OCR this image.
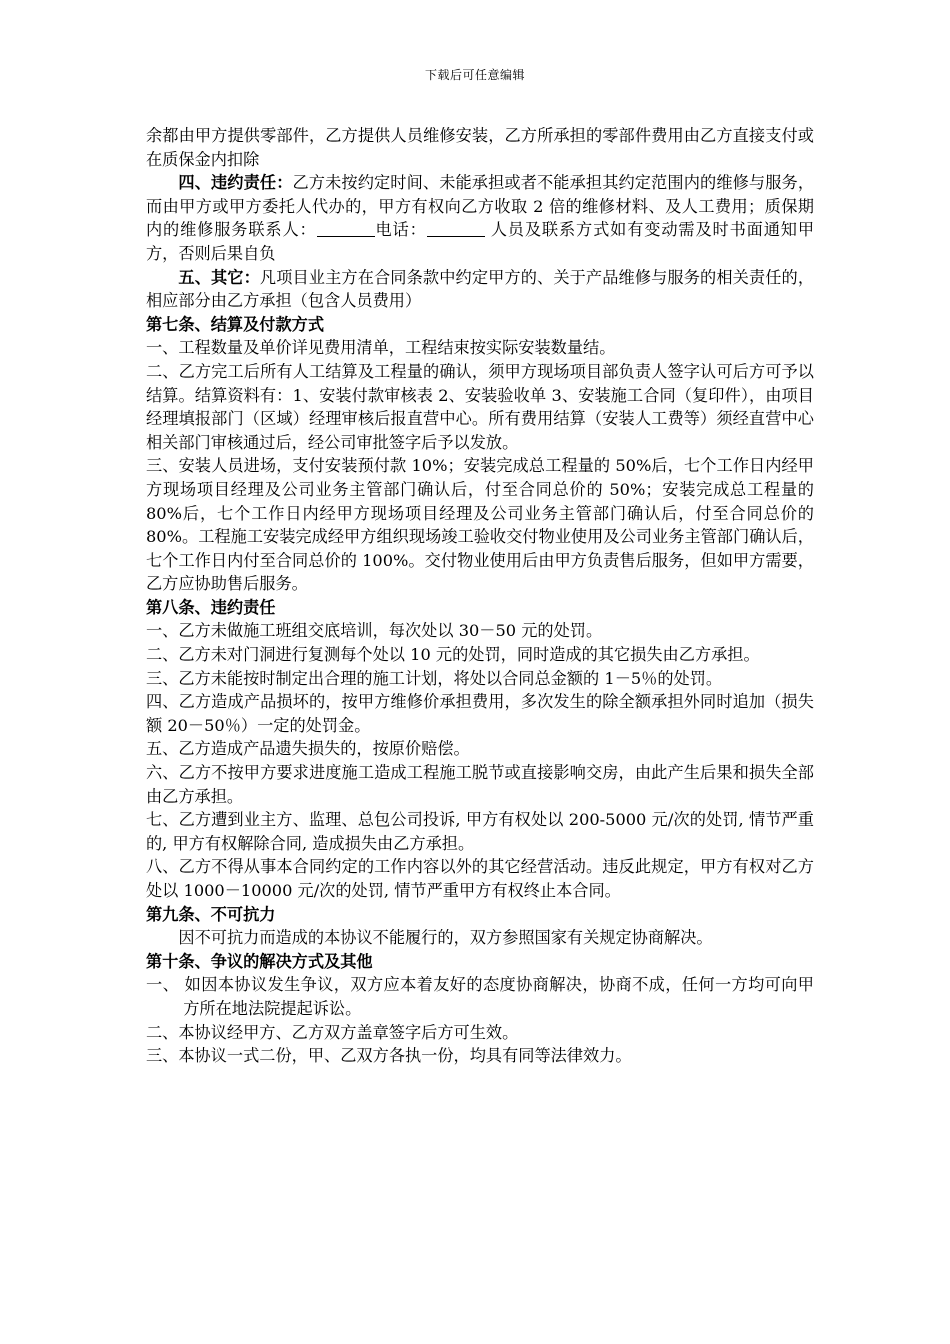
下载后可任意编辑

余都由甲方提供零部件，乙方提供人员维修安装，乙方所承担的零部件费用由乙方直接支付或在质保金内扣除

四、违约责任：乙方未按约定时间、未能承担或者不能承担其约定范围内的维修与服务，而由甲方或甲方委托人代办的，甲方有权向乙方收取 2 倍的维修材料、及人工费用；质保期内的维修服务联系人：	电话：	人员及联系方式如有变动需及时书面通知甲方，否则后果自负

五、其它：凡项目业主方在合同条款中约定甲方的、关于产品维修与服务的相关责任的，相应部分由乙方承担（包含人员费用）

第七条、结算及付款方式

一、工程数量及单价详见费用清单，工程结束按实际安装数量结。

二、乙方完工后所有人工结算及工程量的确认，须甲方现场项目部负责人签字认可后方可予以结算。结算资料有：1、安装付款审核表 2、安装验收单 3、安装施工合同（复印件），由项目经理填报部门（区域）经理审核后报直营中心。所有费用结算（安装人工费等）须经直营中心相关部门审核通过后，经公司审批签字后予以发放。

三、安装人员进场，支付安装预付款 10%；安装完成总工程量的 50%后，七个工作日内经甲方现场项目经理及公司业务主管部门确认后，付至合同总价的 50%；安装完成总工程量的 80%后，七个工作日内经甲方现场项目经理及公司业务主管部门确认后，付至合同总价的 80%。工程施工安装完成经甲方组织现场竣工验收交付物业使用及公司业务主管部门确认后，七个工作日内付至合同总价的 100%。交付物业使用后由甲方负责售后服务，但如甲方需要，乙方应协助售后服务。

第八条、违约责任

一、乙方未做施工班组交底培训，每次处以 30－50 元的处罚。

二、乙方未对门洞进行复测每个处以 10 元的处罚，同时造成的其它损失由乙方承担。

三、乙方未能按时制定出合理的施工计划，将处以合同总金额的 1－5％的处罚。

四、乙方造成产品损坏的，按甲方维修价承担费用，多次发生的除全额承担外同时追加（损失额 20－50％）一定的处罚金。

五、乙方造成产品遗失损失的，按原价赔偿。

六、乙方不按甲方要求进度施工造成工程施工脱节或直接影响交房，由此产生后果和损失全部由乙方承担。

七、乙方遭到业主方、监理、总包公司投诉, 甲方有权处以 200-5000 元/次的处罚, 情节严重的, 甲方有权解除合同, 造成损失由乙方承担。

八、乙方不得从事本合同约定的工作内容以外的其它经营活动。违反此规定，甲方有权对乙方处以 1000－10000 元/次的处罚, 情节严重甲方有权终止本合同。

第九条、不可抗力

因不可抗力而造成的本协议不能履行的，双方参照国家有关规定协商解决。

第十条、争议的解决方式及其他

一、 如因本协议发生争议，双方应本着友好的态度协商解决，协商不成，任何一方均可向甲方所在地法院提起诉讼。

二、本协议经甲方、乙方双方盖章签字后方可生效。

三、本协议一式二份，甲、乙双方各执一份，均具有同等法律效力。
